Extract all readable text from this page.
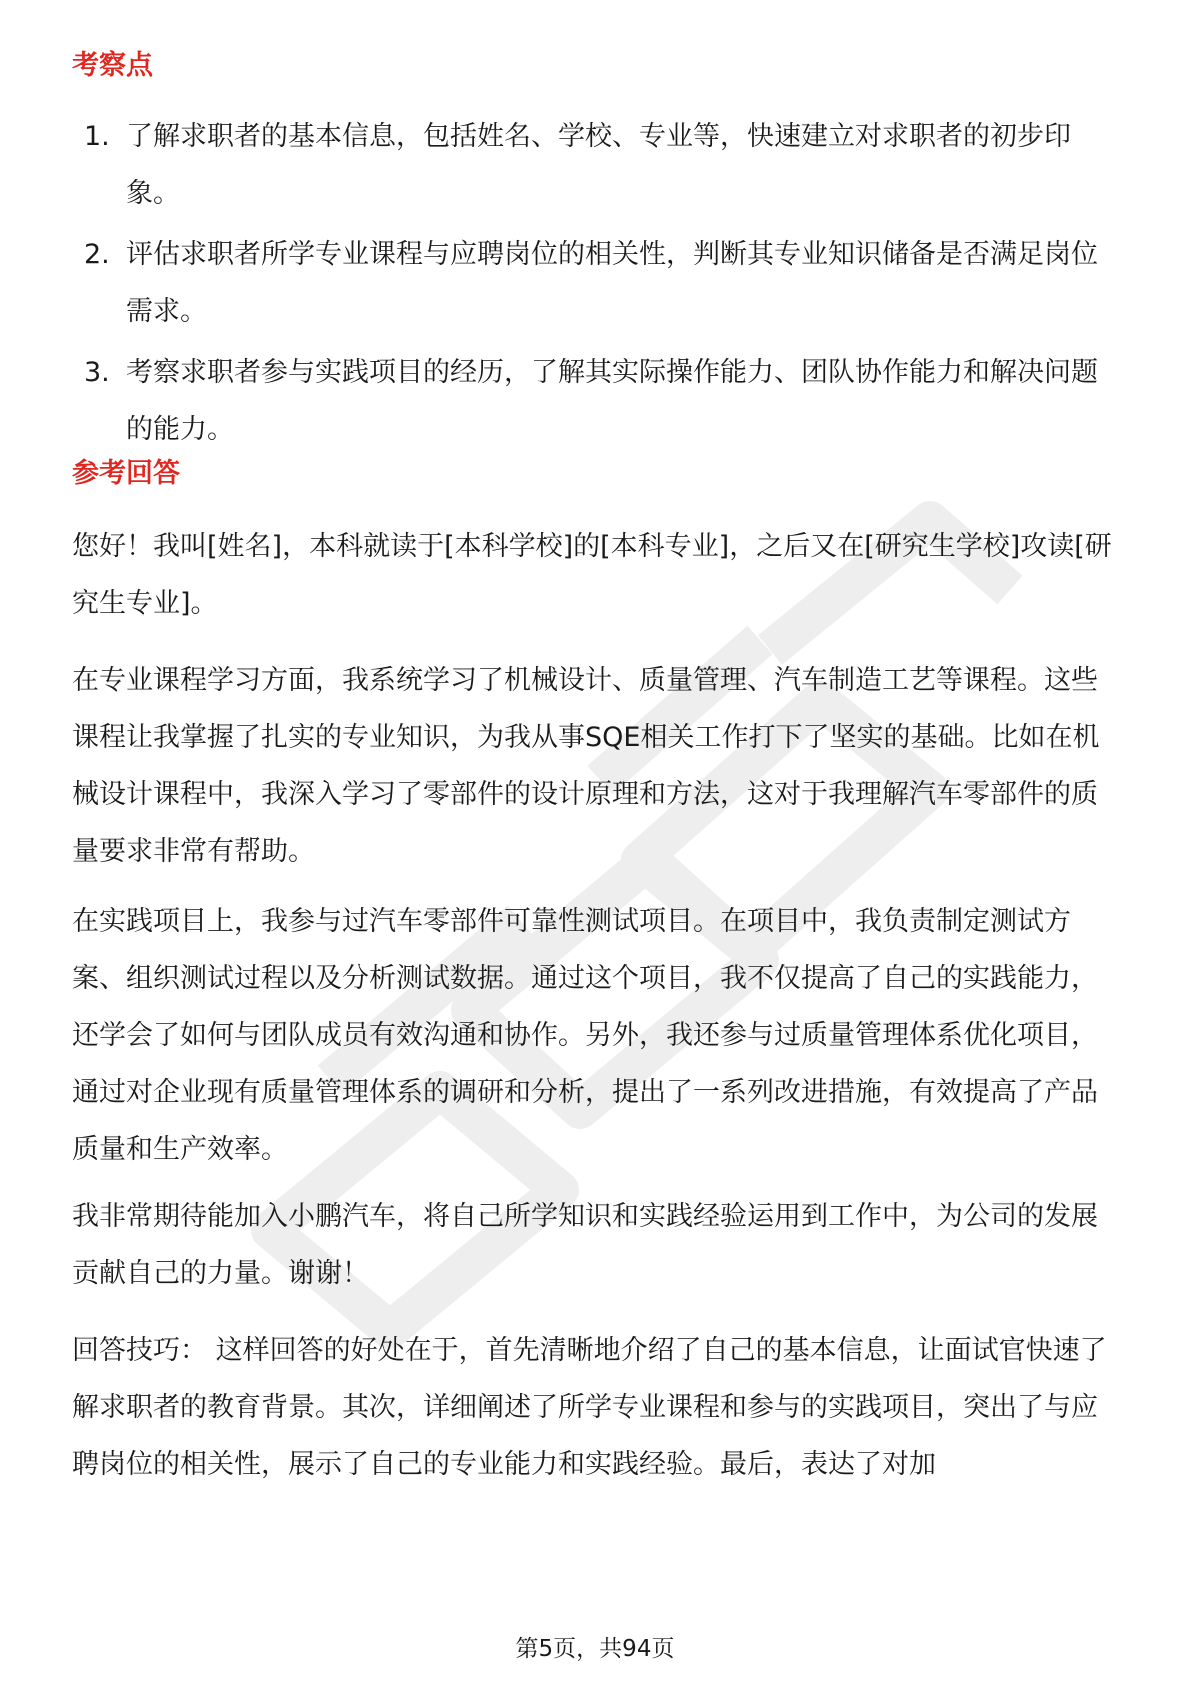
考察点
1. 了解求职者的基本信息，包括姓名、学校、专业等，快速建立对求职者的初步印象。
2. 评估求职者所学专业课程与应聘岗位的相关性，判断其专业知识储备是否满足岗位需求。
3. 考察求职者参与实践项目的经历，了解其实际操作能力、团队协作能力和解决问题的能力。
参考回答

您好！我叫[姓名]，本科就读于[本科学校]的[本科专业]，之后又在[研究生学校]攻读[研究生专业]。

在专业课程学习方面，我系统学习了机械设计、质量管理、汽车制造工艺等课程。这些课程让我掌握了扎实的专业知识，为我从事SQE相关工作打下了坚实的基础。比如在机械设计课程中，我深入学习了零部件的设计原理和方法，这对于我理解汽车零部件的质量要求非常有帮助。

在实践项目上，我参与过汽车零部件可靠性测试项目。在项目中，我负责制定测试方案、组织测试过程以及分析测试数据。通过这个项目，我不仅提高了自己的实践能力，还学会了如何与团队成员有效沟通和协作。另外，我还参与过质量管理体系优化项目，通过对企业现有质量管理体系的调研和分析，提出了一系列改进措施，有效提高了产品质量和生产效率。

我非常期待能加入小鹏汽车，将自己所学知识和实践经验运用到工作中，为公司的发展贡献自己的力量。谢谢！

回答技巧： 这样回答的好处在于，首先清晰地介绍了自己的基本信息，让面试官快速了解求职者的教育背景。其次，详细阐述了所学专业课程和参与的实践项目，突出了与应聘岗位的相关性，展示了自己的专业能力和实践经验。最后，表达了对加

第5页，共94页
